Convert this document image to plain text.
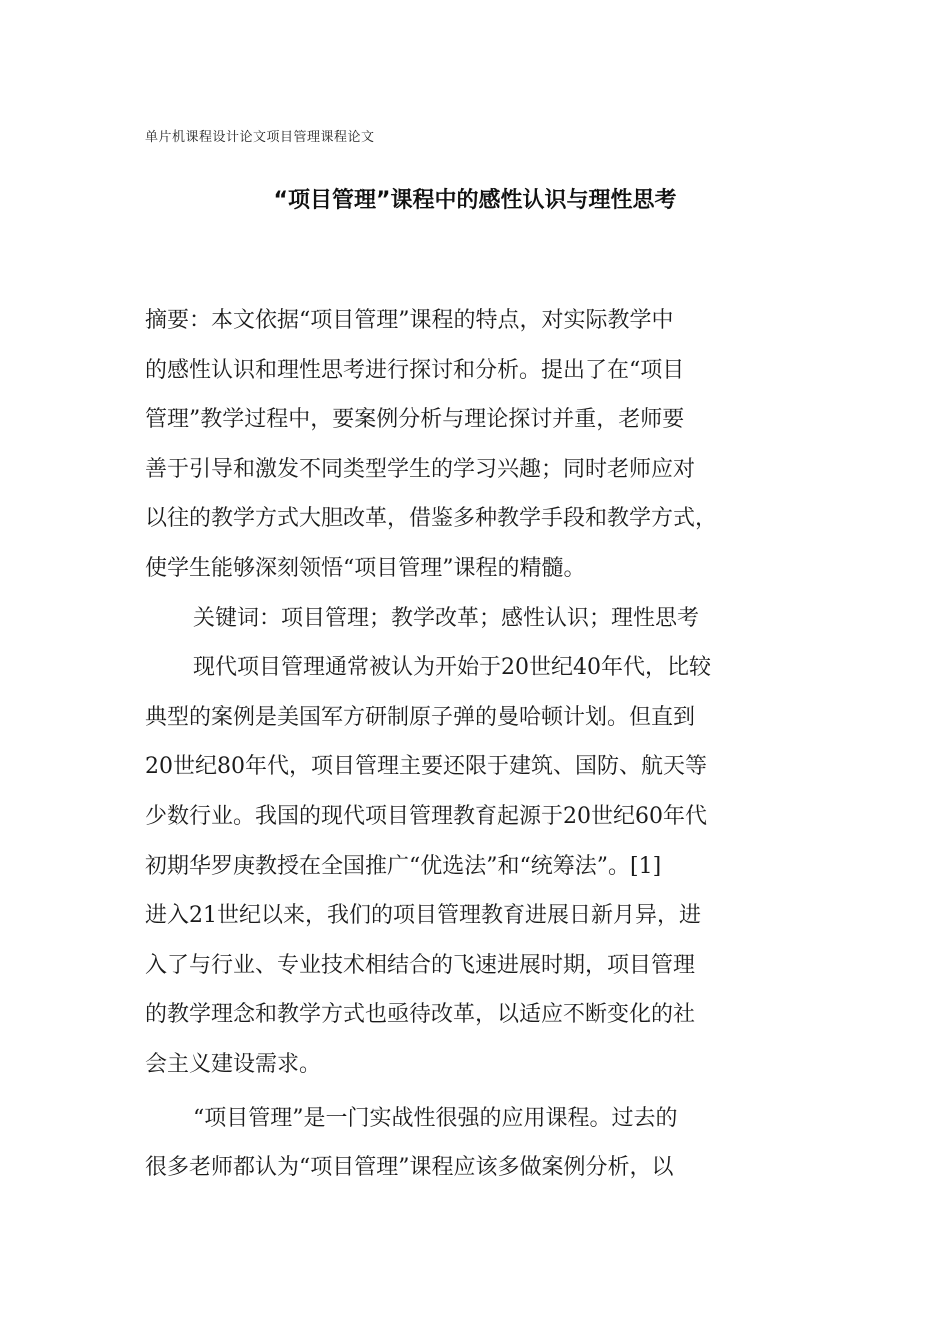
单片机课程设计论文项目管理课程论文
“项目管理”课程中的感性认识与理性思考
摘要：本文依据“项目管理”课程的特点，对实际教学中
的感性认识和理性思考进行探讨和分析。提出了在“项目
管理”教学过程中，要案例分析与理论探讨并重，老师要
善于引导和激发不同类型学生的学习兴趣；同时老师应对
以往的教学方式大胆改革，借鉴多种教学手段和教学方式，
使学生能够深刻领悟“项目管理”课程的精髓。
关键词：项目管理；教学改革；感性认识；理性思考
现代项目管理通常被认为开始于20世纪40年代，比较
典型的案例是美国军方研制原子弹的曼哈顿计划。但直到
20世纪80年代，项目管理主要还限于建筑、国防、航天等
少数行业。我国的现代项目管理教育起源于20世纪60年代
初期华罗庚教授在全国推广“优选法”和“统筹法”。[1]
进入21世纪以来，我们的项目管理教育进展日新月异，进
入了与行业、专业技术相结合的飞速进展时期，项目管理
的教学理念和教学方式也亟待改革，以适应不断变化的社
会主义建设需求。
“项目管理”是一门实战性很强的应用课程。过去的
很多老师都认为“项目管理”课程应该多做案例分析，以
